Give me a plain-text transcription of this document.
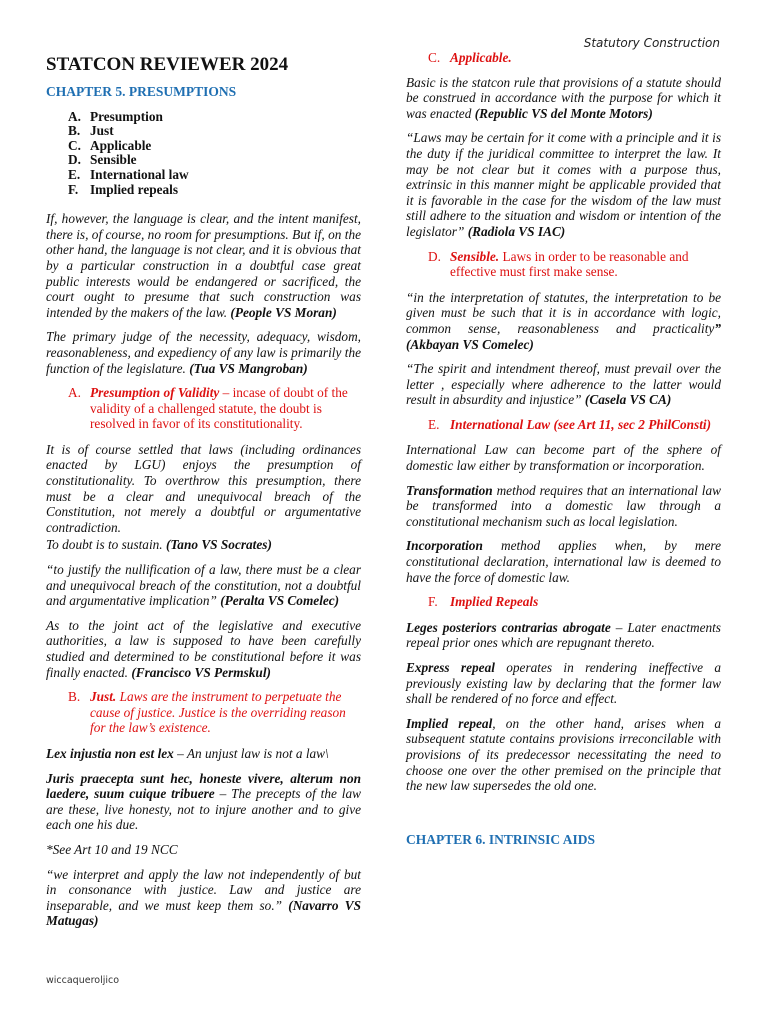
Statutory Construction
STATCON REVIEWER 2024
CHAPTER 5. PRESUMPTIONS
A. Presumption
B. Just
C. Applicable
D. Sensible
E. International law
F. Implied repeals

If, however, the language is clear, and the intent manifest, there is, of course, no room for presumptions. But if, on the other hand, the language is not clear, and it is obvious that by a particular construction in a doubtful case great public interests would be endangered or sacrificed, the court ought to presume that such construction was intended by the makers of the law. (People VS Moran)

The primary judge of the necessity, adequacy, wisdom, reasonableness, and expediency of any law is primarily the function of the legislature. (Tua VS Mangroban)

A. Presumption of Validity – incase of doubt of the validity of a challenged statute, the doubt is resolved in favor of its constitutionality.

It is of course settled that laws (including ordinances enacted by LGU) enjoys the presumption of constitutionality. To overthrow this presumption, there must be a clear and unequivocal breach of the Constitution, not merely a doubtful or argumentative contradiction.

To doubt is to sustain. (Tano VS Socrates)

“to justify the nullification of a law, there must be a clear and unequivocal breach of the constitution, not a doubtful and argumentative implication” (Peralta VS Comelec)

As to the joint act of the legislative and executive authorities, a law is supposed to have been carefully studied and determined to be constitutional before it was finally enacted. (Francisco VS Permskul)

B. Just. Laws are the instrument to perpetuate the cause of justice. Justice is the overriding reason for the law’s existence.

Lex injustia non est lex – An unjust law is not a law\

Juris praecepta sunt hec, honeste vivere, alterum non laedere, suum cuique tribuere – The precepts of the law are these, live honesty, not to injure another and to give each one his due.

*See Art 10 and 19 NCC

“we interpret and apply the law not independently of but in consonance with justice. Law and justice are inseparable, and we must keep them so.” (Navarro VS Matugas)

C. Applicable.

Basic is the statcon rule that provisions of a statute should be construed in accordance with the purpose for which it was enacted (Republic VS del Monte Motors)

“Laws may be certain for it come with a principle and it is the duty if the juridical committee to interpret the law. It may be not clear but it comes with a purpose thus, extrinsic in this manner might be applicable provided that it is favorable in the case for the wisdom of the law must still adhere to the situation and wisdom or intention of the legislator” (Radiola VS IAC)

D. Sensible. Laws in order to be reasonable and effective must first make sense.

“in the interpretation of statutes, the interpretation to be given must be such that it is in accordance with logic, common sense, reasonableness and practicality” (Akbayan VS Comelec)

“The spirit and intendment thereof, must prevail over the letter , especially where adherence to the latter would result in absurdity and injustice” (Casela VS CA)

E. International Law (see Art 11, sec 2 PhilConsti)

International Law can become part of the sphere of domestic law either by transformation or incorporation.

Transformation method requires that an international law be transformed into a domestic law through a constitutional mechanism such as local legislation.

Incorporation method applies when, by mere constitutional declaration, international law is deemed to have the force of domestic law.

F. Implied Repeals

Leges posteriors contrarias abrogate – Later enactments repeal prior ones which are repugnant thereto.

Express repeal operates in rendering ineffective a previously existing law by declaring that the former law shall be rendered of no force and effect.

Implied repeal, on the other hand, arises when a subsequent statute contains provisions irreconcilable with provisions of its predecessor necessitating the need to choose one over the other premised on the principle that the new law supersedes the old one.

CHAPTER 6. INTRINSIC AIDS
wiccaqueroljico
